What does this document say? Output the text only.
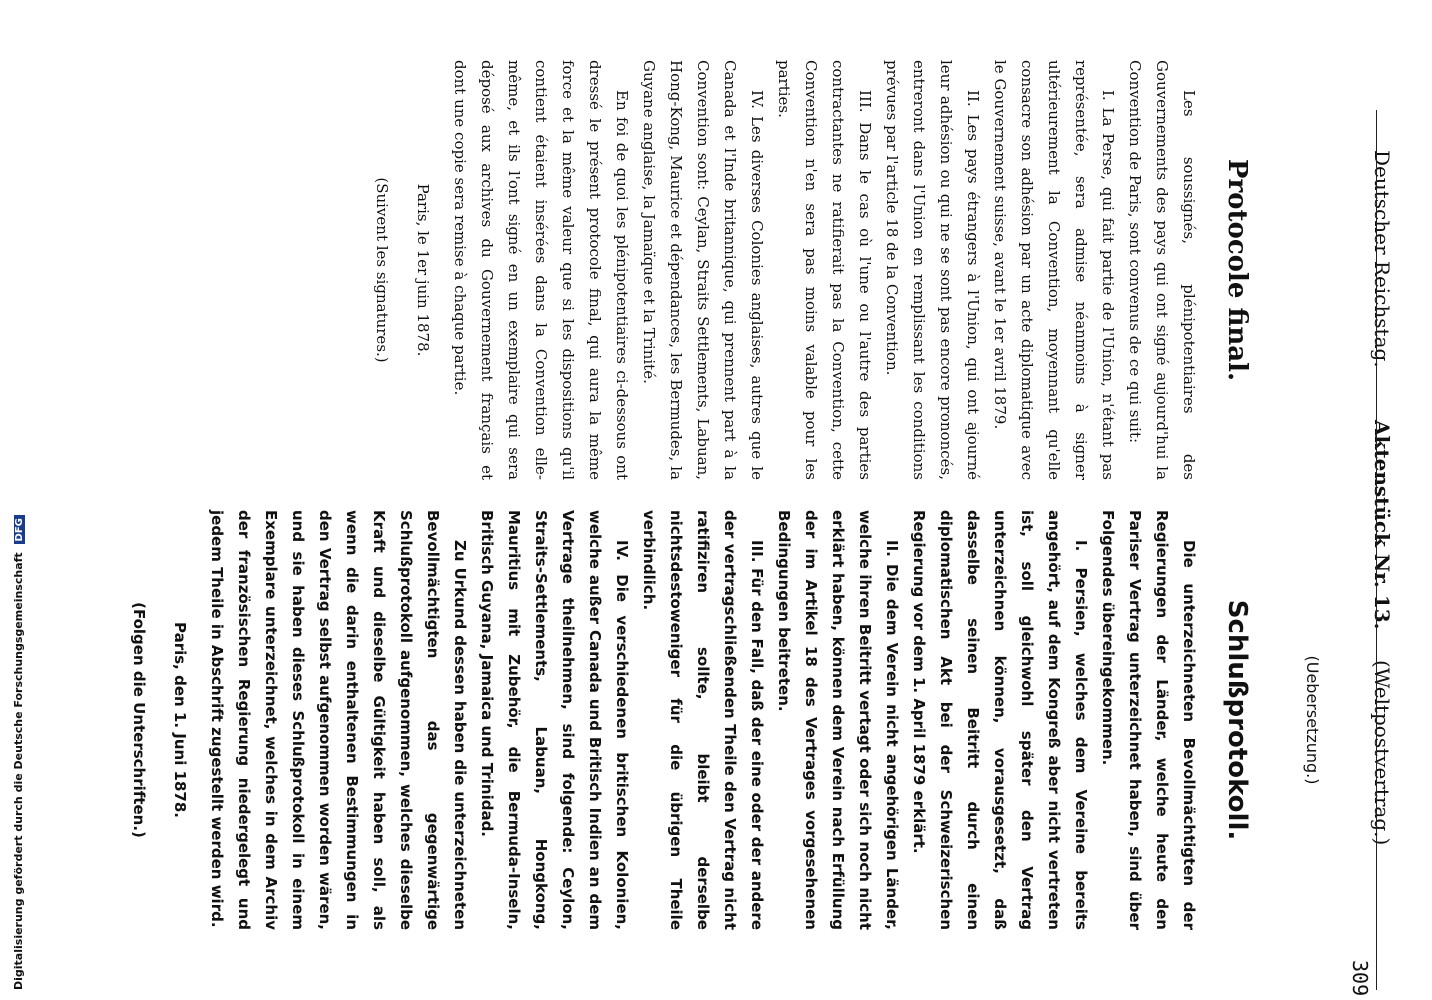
Deutscher Reichstag.
Aktenstück Nr. 13.
(Weltpostvertrag.)
(Uebersetzung.)
Protocole final.
Schlußprotokoll.

Les soussignés, plénipotentiaires des Gouvernements des pays qui ont signé aujourd'hui la Convention de Paris, sont convenus de ce qui suit:

I. La Perse, qui fait partie de l'Union, n'étant pas représentée, sera admise néanmoins à signer ultérieurement la Convention, moyennant qu'elle consacre son adhésion par un acte diplomatique avec le Gouvernement suisse, avant le 1er avril 1879.

II. Les pays étrangers à l'Union, qui ont ajourné leur adhésion ou qui ne se sont pas encore prononcés, entreront dans l'Union en remplissant les conditions prévues par l'article 18 de la Convention.

III. Dans le cas où l'une ou l'autre des parties contractantes ne ratifierait pas la Convention, cette Convention n'en sera pas moins valable pour les parties.

IV. Les diverses Colonies anglaises, autres que le Canada et l'Inde britannique, qui prennent part à la Convention sont: Ceylan, Straits Settlements, Labuan, Hong-Kong, Maurice et dépendances, les Bermudes, la Guyane anglaise, la Jamaïque et la Trinité.

En foi de quoi les plénipotentiaires ci-dessous ont dressé le présent protocole final, qui aura la même force et la même valeur que si les dispositions qu'il contient étaient insérées dans la Convention elle-même, et ils l'ont signé en un exemplaire qui sera déposé aux archives du Gouvernement français et dont une copie sera remise à chaque partie.

Paris, le 1er juin 1878.

(Suivent les signatures.)

Die unterzeichneten Bevollmächtigten der Regierungen der Länder, welche heute den Pariser Vertrag unterzeichnet haben, sind über Folgendes übereingekommen.

I. Persien, welches dem Vereine bereits angehört, auf dem Kongreß aber nicht vertreten ist, soll gleichwohl später den Vertrag unterzeichnen können, vorausgesetzt, daß dasselbe seinen Beitritt durch einen diplomatischen Akt bei der Schweizerischen Regierung vor dem 1. April 1879 erklärt.

II. Die dem Verein nicht angehörigen Länder, welche ihren Beitritt vertagt oder sich noch nicht erklärt haben, können dem Verein nach Erfüllung der im Artikel 18 des Vertrages vorgesehenen Bedingungen beitreten.

III. Für den Fall, daß der eine oder der andere der vertragschließenden Theile den Vertrag nicht ratifiziren sollte, bleibt derselbe nichtsdestoweniger für die übrigen Theile verbindlich.

IV. Die verschiedenen britischen Kolonien, welche außer Canada und Britisch Indien an dem Vertrage theilnehmen, sind folgende: Ceylon, Straits-Settlements, Labuan, Hongkong, Mauritius mit Zubehör, die Bermuda-Inseln, Britisch Guyana, Jamaica und Trinidad.

Zu Urkund dessen haben die unterzeichneten Bevollmächtigten das gegenwärtige Schlußprotokoll aufgenommen, welches dieselbe Kraft und dieselbe Gültigkeit haben soll, als wenn die darin enthaltenen Bestimmungen in den Vertrag selbst aufgenommen worden wären, und sie haben dieses Schlußprotokoll in einem Exemplare unterzeichnet, welches in dem Archiv der französischen Regierung niedergelegt und jedem Theile in Abschrift zugestellt werden wird.

Paris, den 1. Juni 1878.

(Folgen die Unterschriften.)

Digitalisierung gefördert durch die Deutsche Forschungsgemeinschaft DFG
309
